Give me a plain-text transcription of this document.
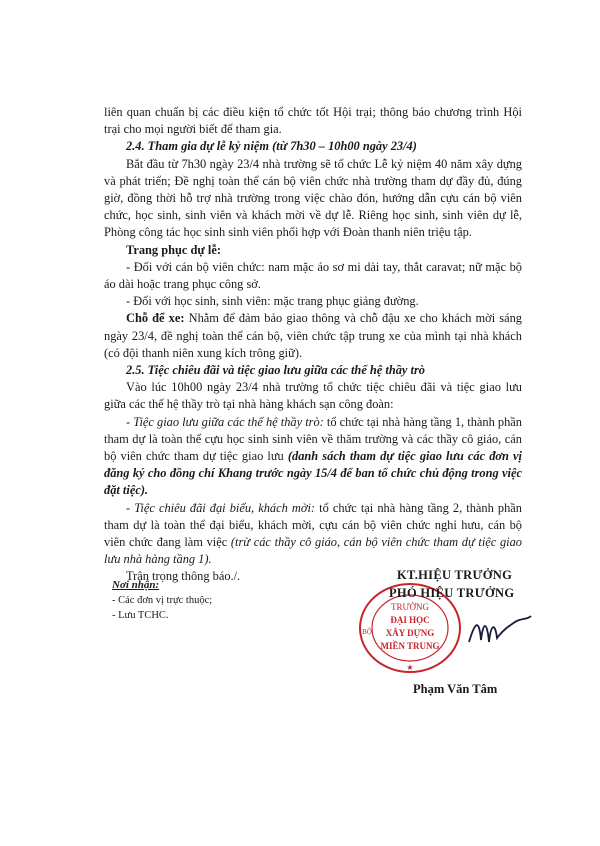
liên quan chuẩn bị các điều kiện tổ chức tốt Hội trại; thông báo chương trình Hội trại cho mọi người biết để tham gia.

2.4. Tham gia dự lễ kỷ niệm (từ 7h30 – 10h00 ngày 23/4)

Bắt đầu từ 7h30 ngày 23/4 nhà trường sẽ tổ chức Lễ kỷ niệm 40 năm xây dựng và phát triển; Đề nghị toàn thể cán bộ viên chức nhà trường tham dự đầy đủ, đúng giờ, đồng thời hỗ trợ nhà trường trong việc chào đón, hướng dẫn cựu cán bộ viên chức, học sinh, sinh viên và khách mời về dự lễ. Riêng học sinh, sinh viên dự lễ, Phòng công tác học sinh sinh viên phối hợp với Đoàn thanh niên triệu tập.

Trang phục dự lễ:

- Đối với cán bộ viên chức: nam mặc áo sơ mi dài tay, thắt caravat; nữ mặc bộ áo dài hoặc trang phục công sở.

- Đối với học sinh, sinh viên: mặc trang phục giảng đường.

Chỗ để xe: Nhằm để đảm bảo giao thông và chỗ đậu xe cho khách mời sáng ngày 23/4, đề nghị toàn thể cán bộ, viên chức tập trung xe của mình tại nhà khách (có đội thanh niên xung kích trông giữ).

2.5. Tiệc chiêu đãi và tiệc giao lưu giữa các thế hệ thầy trò

Vào lúc 10h00 ngày 23/4 nhà trường tổ chức tiệc chiêu đãi và tiệc giao lưu giữa các thế hệ thầy trò tại nhà hàng khách sạn công đoàn:

- Tiệc giao lưu giữa các thế hệ thầy trò: tổ chức tại nhà hàng tầng 1, thành phần tham dự là toàn thể cựu học sinh sinh viên về thăm trường và các thầy cô giáo, cán bộ viên chức tham dự tiệc giao lưu (danh sách tham dự tiệc giao lưu các đơn vị đăng ký cho đồng chí Khang trước ngày 15/4 để ban tổ chức chủ động trong việc đặt tiệc).

- Tiệc chiêu đãi đại biểu, khách mời: tổ chức tại nhà hàng tầng 2, thành phần tham dự là toàn thể đại biểu, khách mời, cựu cán bộ viên chức nghỉ hưu, cán bộ viên chức đang làm việc (trừ các thầy cô giáo, cán bộ viên chức tham dự tiệc giao lưu nhà hàng tầng 1).

Trân trọng thông báo./.

Nơi nhận:
- Các đơn vị trực thuộc;
- Lưu TCHC.
TRƯỜNG
ĐẠI HỌC
XÂY DỰNG
MIỀN TRUNG
BỘ
★
KT.HIỆU TRƯỞNG
PHÓ HIỆU TRƯỞNG
Phạm Văn Tâm
